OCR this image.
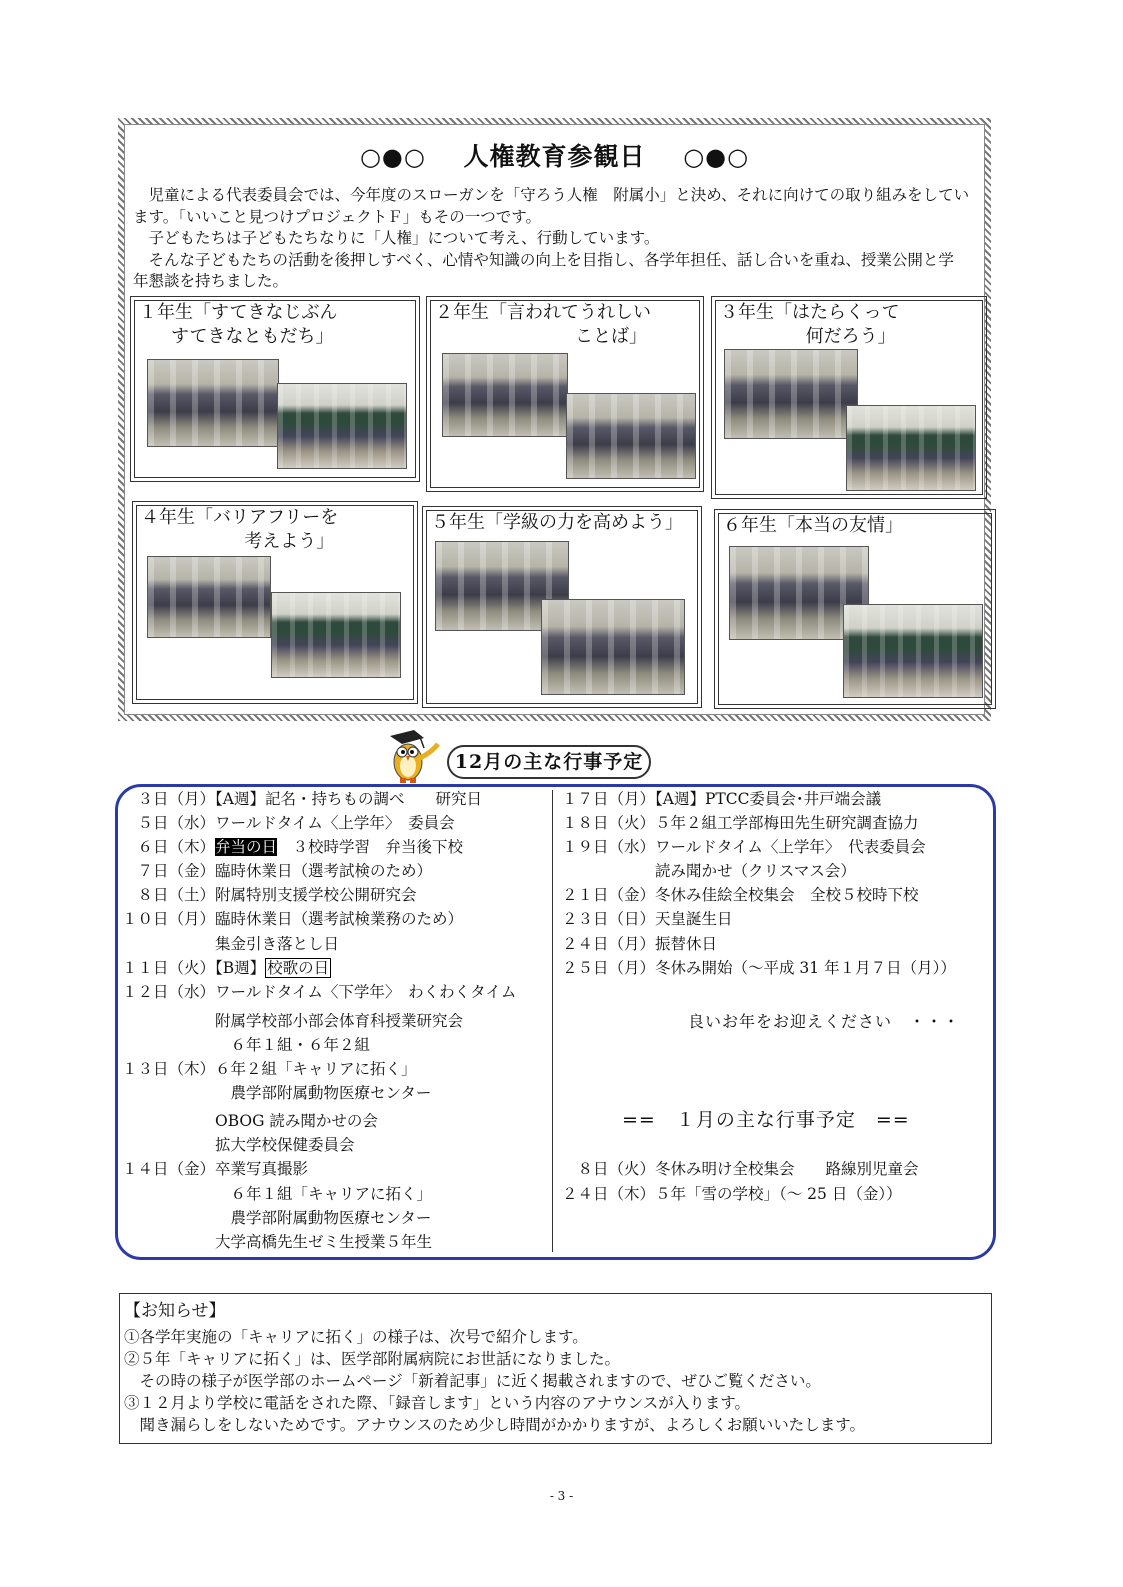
○●○ 人権教育参観日 ○●○

　児童による代表委員会では、今年度のスローガンを「守ろう人権　附属小」と決め、それに向けての取り組みをしてい

ます。「いいこと見つけプロジェクトＦ」もその一つです。

　子どもたちは子どもたちなりに「人権」について考え、行動しています。

　そんな子どもたちの活動を後押しすべく、心情や知識の向上を目指し、各学年担任、話し合いを重ね、授業公開と学

年懇談を持ちました。

１年生「すてきなじぶん
すてきなともだち」
２年生「言われてうれしい
ことば」
３年生「はたらくって
何だろう」
４年生「バリアフリーを
考えよう」
５年生「学級の力を高めよう」 ６年生「本当の友情」
12月の主な行事予定
　３日（月）【A週】記名・持ちもの調べ　　研究日
　５日（水）ワールドタイム〈上学年〉　委員会
　６日（木）弁当の日　３校時学習　弁当後下校
　７日（金）臨時休業日（選考試検のため）
　８日（土）附属特別支援学校公開研究会
１０日（月）臨時休業日（選考試検業務のため）
　　　　　　集金引き落とし日
１１日（火）【B週】 校歌の日
１２日（水）ワールドタイム〈下学年〉　わくわくタイム
　　　　　　附属学校部小部会体育科授業研究会
　　　　　　　６年１組・６年２組
１３日（木）６年２組「キャリアに拓く」
　　　　　　　農学部附属動物医療センター
　　　　　　OBOG 読み聞かせの会
　　　　　　拡大学校保健委員会
１４日（金）卒業写真撮影
　　　　　　　６年１組「キャリアに拓く」
　　　　　　　農学部附属動物医療センター
　　　　　　大学高橋先生ゼミ生授業５年生
１７日（月）【A週】PTCC委員会･井戸端会議
１８日（火）５年２組工学部梅田先生研究調査協力
１９日（水）ワールドタイム〈上学年〉　代表委員会
　　　　　　読み聞かせ（クリスマス会）
２１日（金）冬休み佳絵全校集会　全校５校時下校
２３日（日）天皇誕生日
２４日（月）振替休日
２５日（月）冬休み開始（〜平成 31 年１月７日（月））
良いお年をお迎えください　・・・
==　１月の主な行事予定　==
　８日（火）冬休み明け全校集会　　路線別児童会
２４日（木）５年「雪の学校」（〜 25 日（金））
【お知らせ】
①各学年実施の「キャリアに拓く」の様子は、次号で紹介します。
②５年「キャリアに拓く」は、医学部附属病院にお世話になりました。
　その時の様子が医学部のホームページ「新着記事」に近く掲載されますので、ぜひご覧ください。
③１２月より学校に電話をされた際、「録音します」という内容のアナウンスが入ります。
　聞き漏らしをしないためです。アナウンスのため少し時間がかかりますが、よろしくお願いいたします。
- 3 -
